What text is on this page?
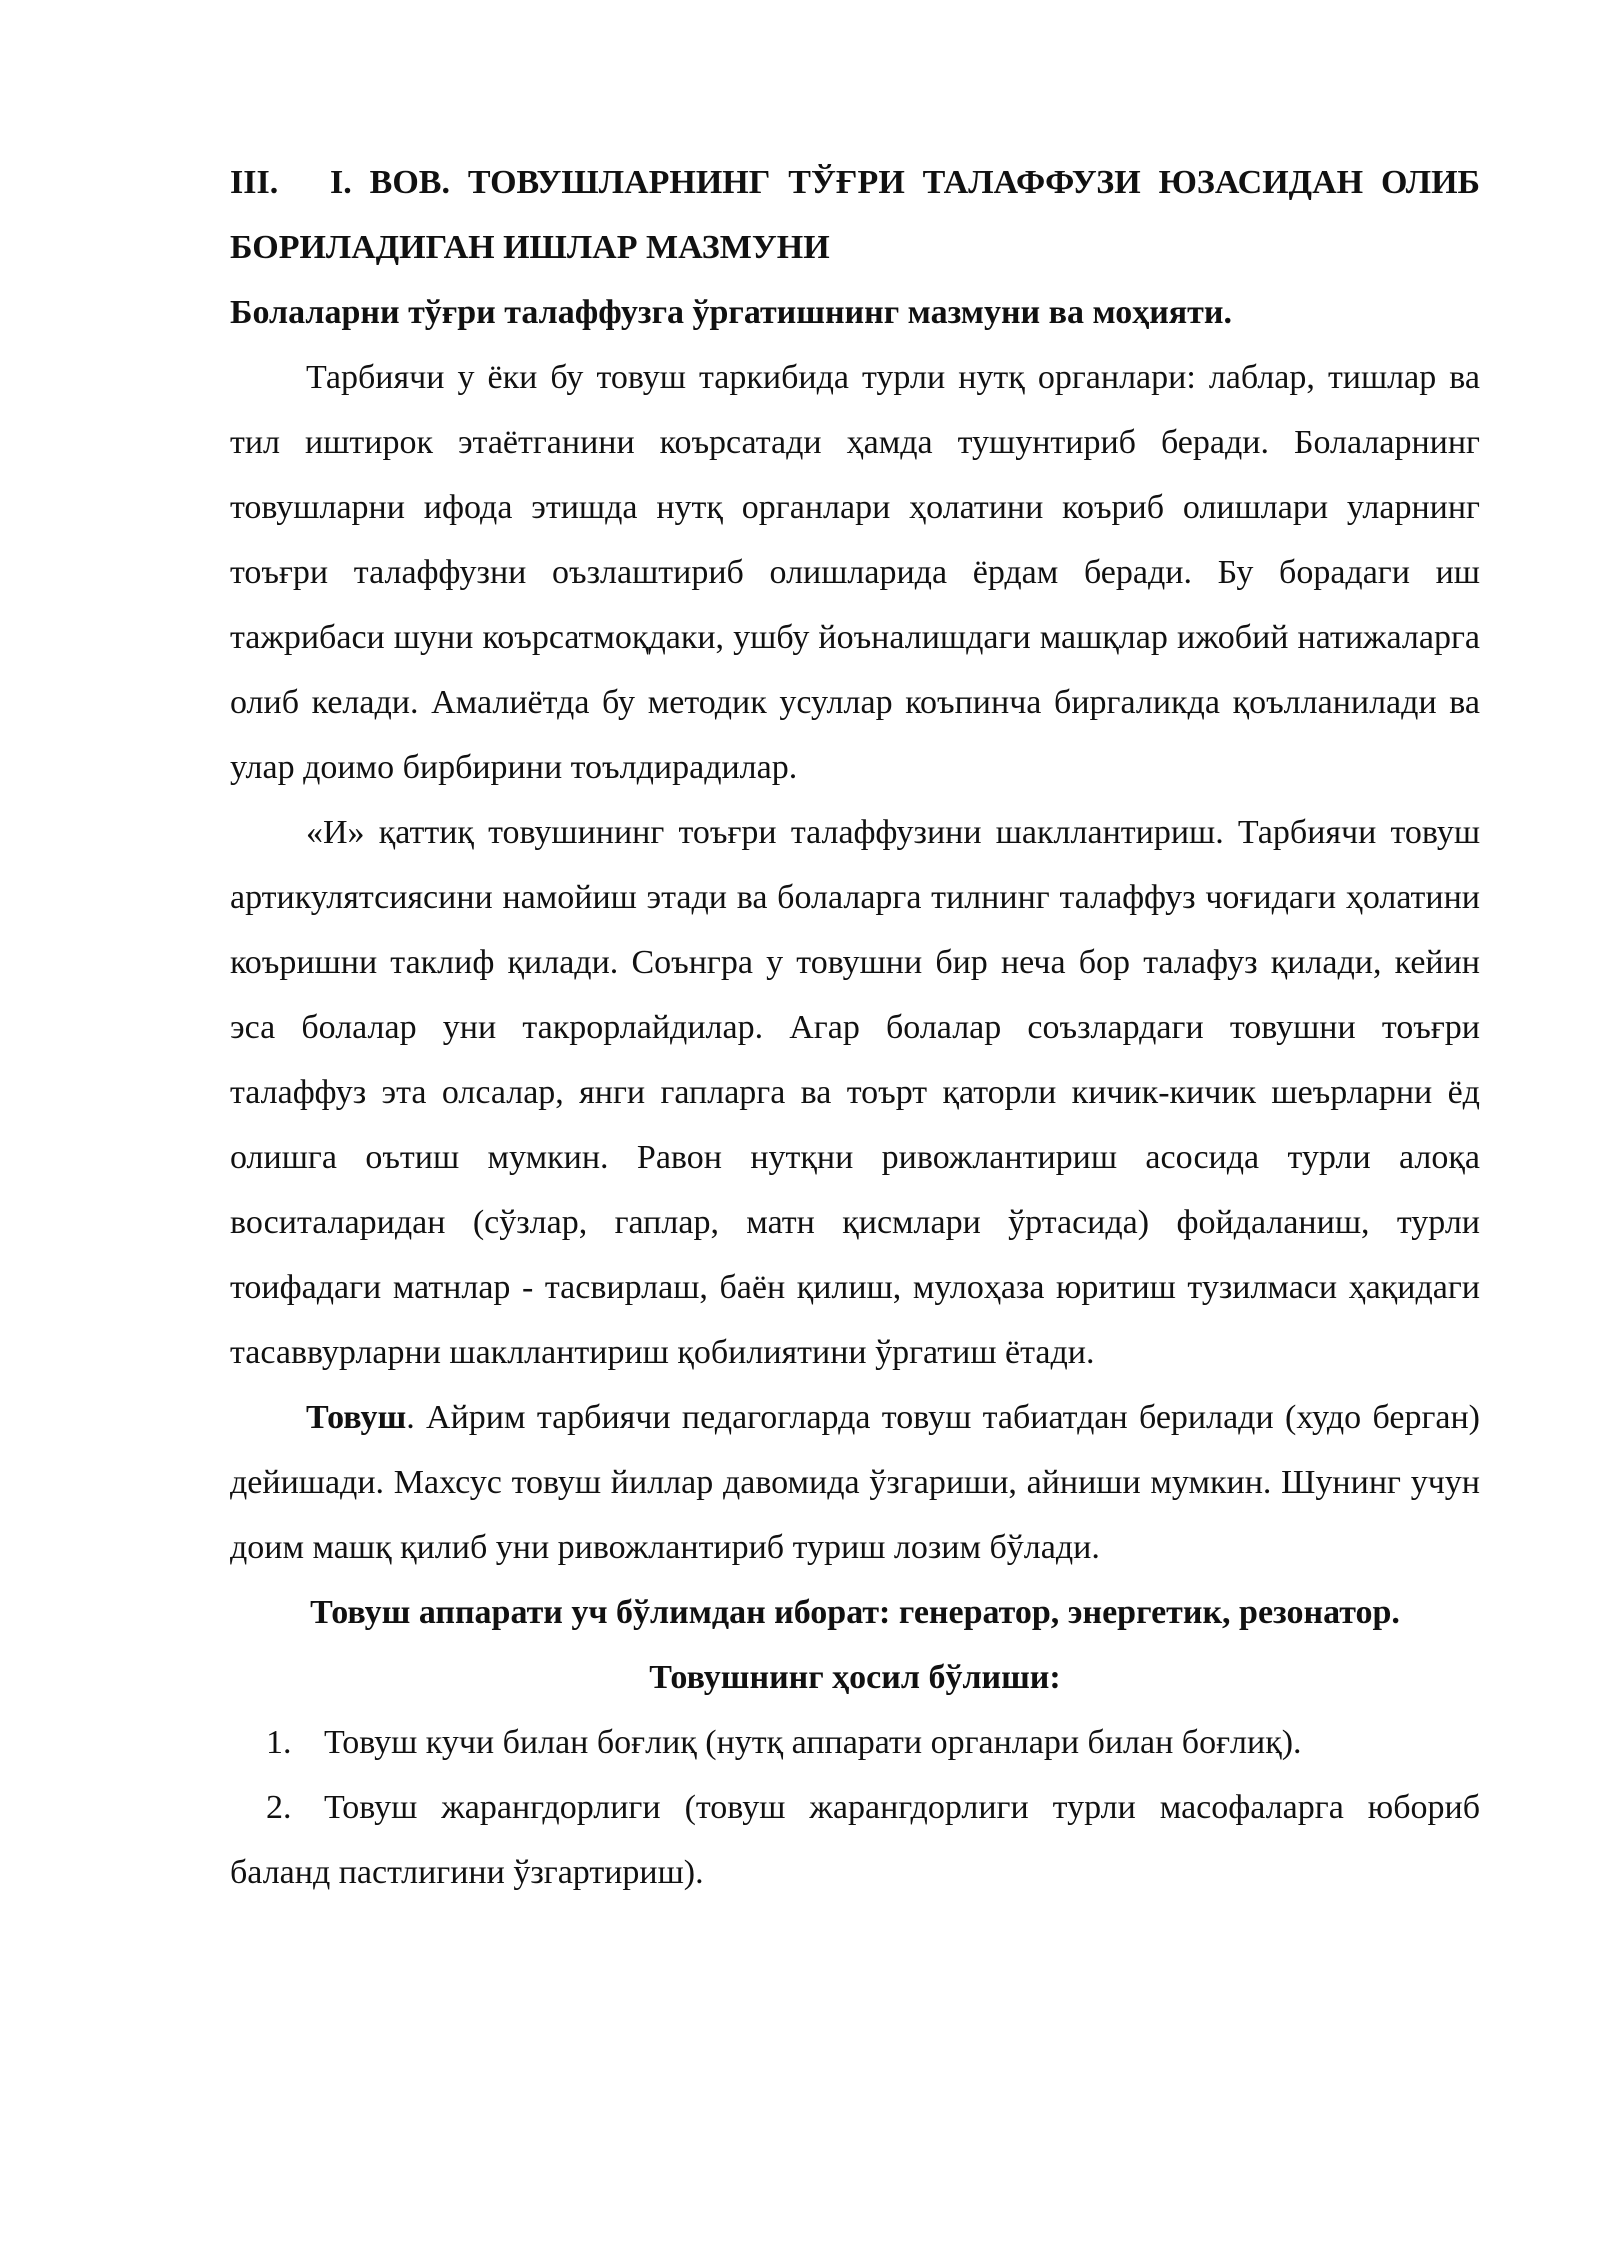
III. I. ВОВ. ТОВУШЛАРНИНГ ТЎҒРИ ТАЛАФФУЗИ ЮЗАСИДАН ОЛИБ БОРИЛАДИГАН ИШЛАР МАЗМУНИ

Болаларни тўғри талаффузга ўргатишнинг мазмуни ва моҳияти.

Тарбиячи у ёки бу товуш таркибида турли нутқ органлари: лаблар, тишлар ва тил иштирок этаётганини коърсатади ҳамда тушунтириб беради. Болаларнинг товушларни ифода этишда нутқ органлари ҳолатини коъриб олишлари уларнинг тоъғри талаффузни оъзлаштириб олишларида ёрдам беради. Бу борадаги иш тажрибаси шуни коърсатмоқдаки, ушбу йоъналишдаги машқлар ижобий натижаларга олиб келади. Амалиётда бу методик усуллар коъпинча биргаликда қоълланилади ва улар доимо бирбирини тоълдирадилар.

«И» қаттиқ товушининг тоъғри талаффузини шакллантириш. Тарбиячи товуш артикулятсиясини намойиш этади ва болаларга тилнинг талаффуз чоғидаги ҳолатини коъришни таклиф қилади. Соънгра у товушни бир неча бор талафуз қилади, кейин эса болалар уни такрорлайдилар. Агар болалар соъзлардаги товушни тоъғри талаффуз эта олсалар, янги гапларга ва тоърт қаторли кичик-кичик шеърларни ёд олишга оътиш мумкин. Равон нутқни ривожлантириш асосида турли алоқа воситаларидан (сўзлар, гаплар, матн қисмлари ўртасида) фойдаланиш, турли тоифадаги матнлар - тасвирлаш, баён қилиш, мулоҳаза юритиш тузилмаси ҳақидаги тасаввурларни шакллантириш қобилиятини ўргатиш ётади.

Товуш. Айрим тарбиячи педагогларда товуш табиатдан берилади (худо берган) дейишади. Махсус товуш йиллар давомида ўзгариши, айниши мумкин. Шунинг учун доим машқ қилиб уни ривожлантириб туриш лозим бўлади.

Товуш аппарати уч бўлимдан иборат: генератор, энергетик, резонатор.

Товушнинг ҳосил бўлиши:

1. Товуш кучи билан боғлиқ (нутқ аппарати органлари билан боғлиқ).
2. Товуш жарангдорлиги (товуш жарангдорлиги турли масофаларга юбориб баланд пастлигини ўзгартириш).
